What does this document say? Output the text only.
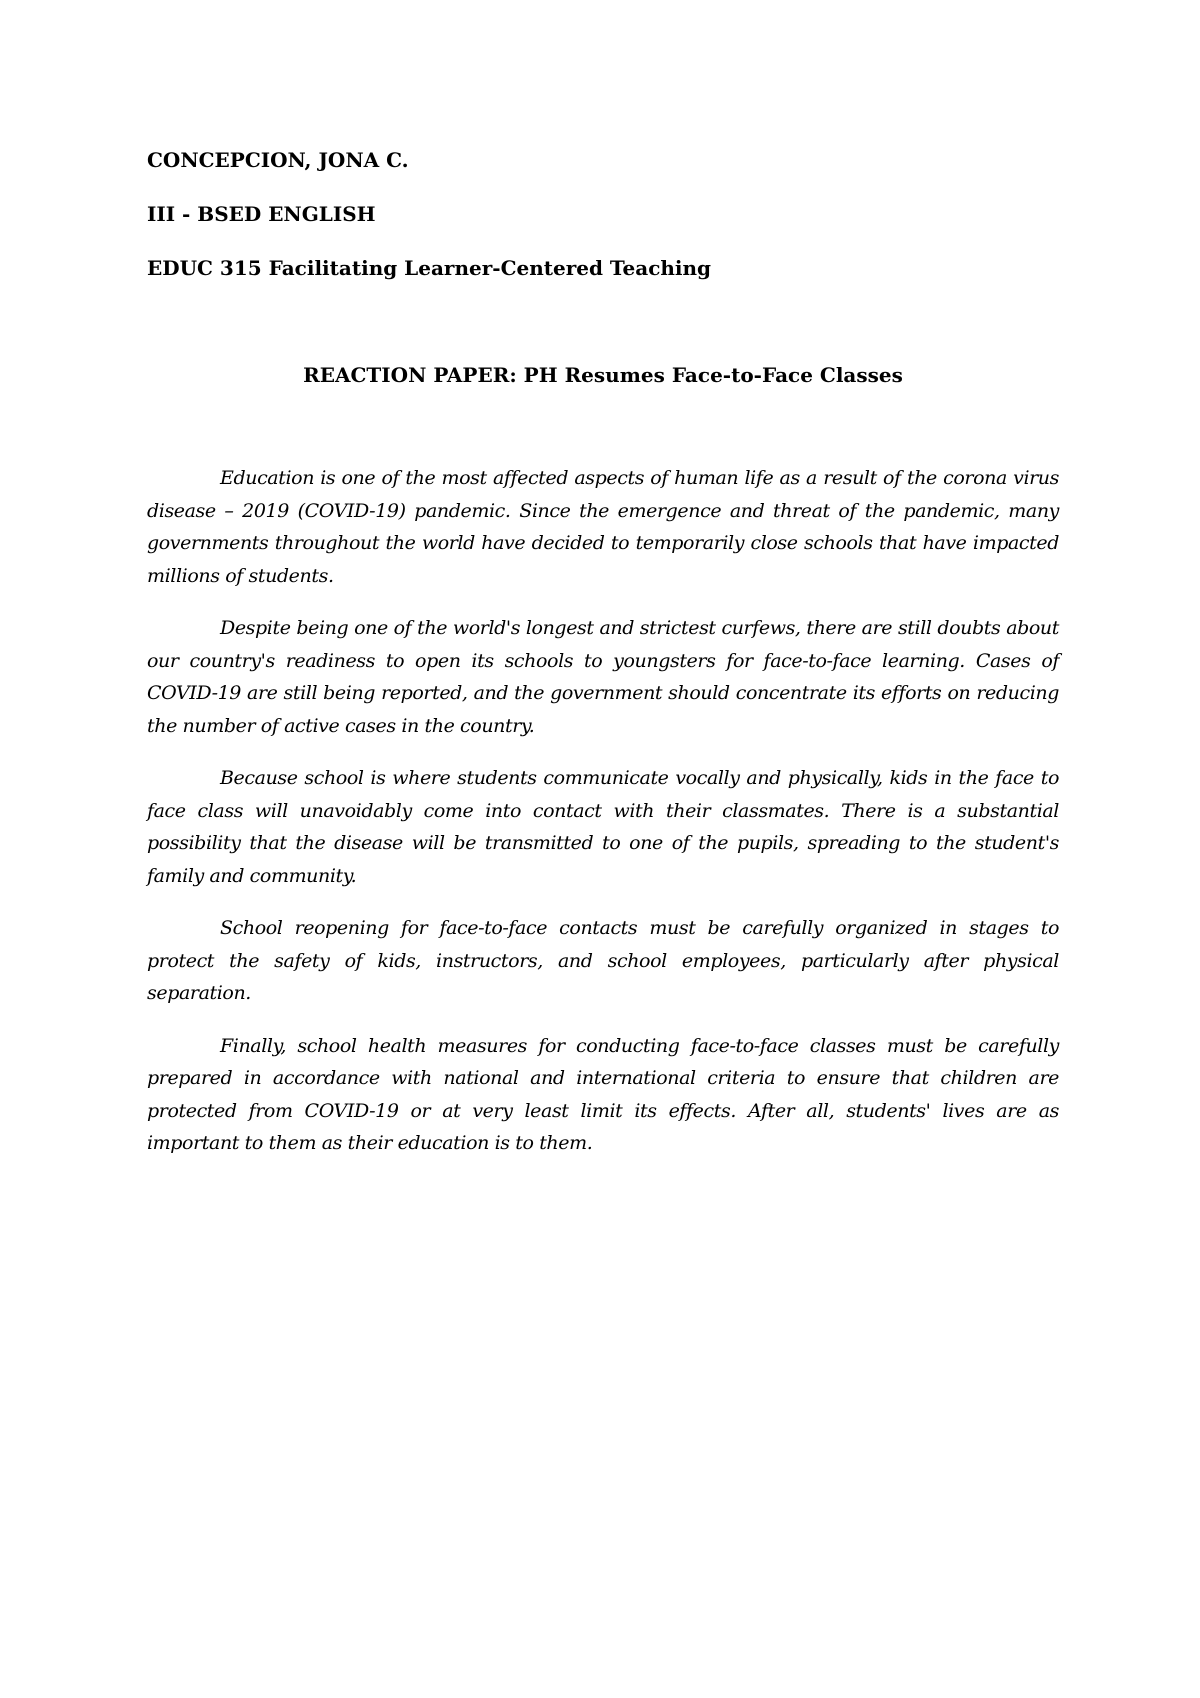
CONCEPCION, JONA C.
III - BSED ENGLISH
EDUC 315 Facilitating Learner-Centered Teaching
REACTION PAPER: PH Resumes Face-to-Face Classes

Education is one of the most affected aspects of human life as a result of the corona virus disease – 2019 (COVID-19) pandemic. Since the emergence and threat of the pandemic, many governments throughout the world have decided to temporarily close schools that have impacted millions of students.

Despite being one of the world's longest and strictest curfews, there are still doubts about our country's readiness to open its schools to youngsters for face-to-face learning. Cases of COVID-19 are still being reported, and the government should concentrate its efforts on reducing the number of active cases in the country.

Because school is where students communicate vocally and physically, kids in the face to face class will unavoidably come into contact with their classmates. There is a substantial possibility that the disease will be transmitted to one of the pupils, spreading to the student's family and community.

School reopening for face-to-face contacts must be carefully organized in stages to protect the safety of kids, instructors, and school employees, particularly after physical separation.

Finally, school health measures for conducting face-to-face classes must be carefully prepared in accordance with national and international criteria to ensure that children are protected from COVID-19 or at very least limit its effects. After all, students' lives are as important to them as their education is to them.
